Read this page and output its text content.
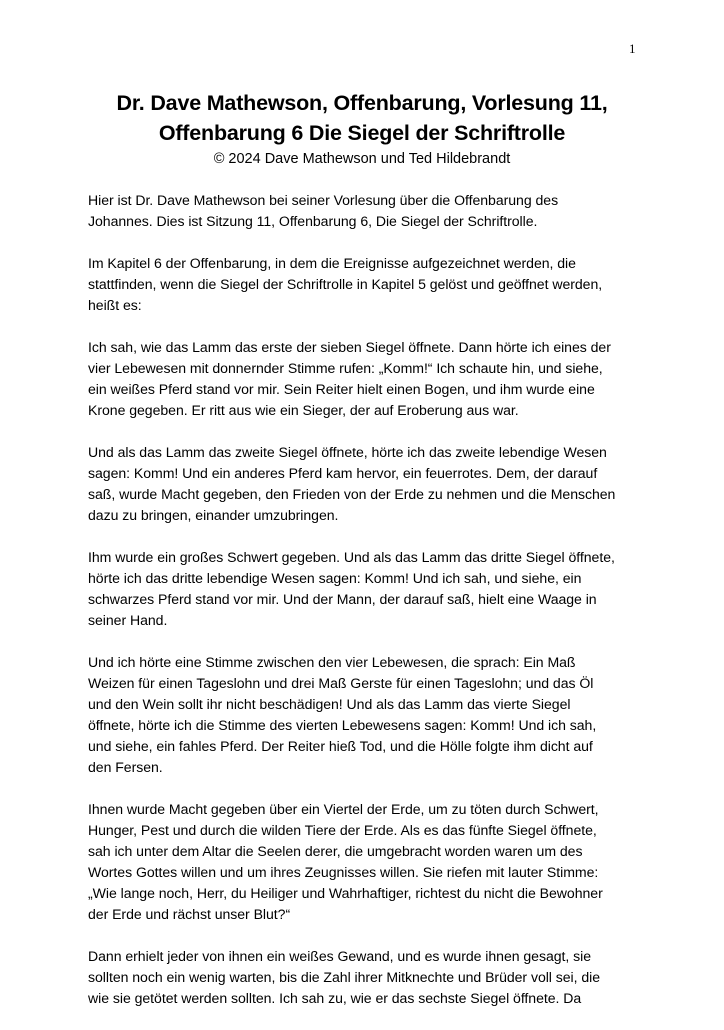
1
Dr. Dave Mathewson, Offenbarung, Vorlesung 11,
Offenbarung 6 Die Siegel der Schriftrolle
© 2024 Dave Mathewson und Ted Hildebrandt

Hier ist Dr. Dave Mathewson bei seiner Vorlesung über die Offenbarung des
Johannes. Dies ist Sitzung 11, Offenbarung 6, Die Siegel der Schriftrolle.

Im Kapitel 6 der Offenbarung, in dem die Ereignisse aufgezeichnet werden, die
stattfinden, wenn die Siegel der Schriftrolle in Kapitel 5 gelöst und geöffnet werden,
heißt es:

Ich sah, wie das Lamm das erste der sieben Siegel öffnete. Dann hörte ich eines der
vier Lebewesen mit donnernder Stimme rufen: „Komm!“ Ich schaute hin, und siehe,
ein weißes Pferd stand vor mir. Sein Reiter hielt einen Bogen, und ihm wurde eine
Krone gegeben. Er ritt aus wie ein Sieger, der auf Eroberung aus war.

Und als das Lamm das zweite Siegel öffnete, hörte ich das zweite lebendige Wesen
sagen: Komm! Und ein anderes Pferd kam hervor, ein feuerrotes. Dem, der darauf
saß, wurde Macht gegeben, den Frieden von der Erde zu nehmen und die Menschen
dazu zu bringen, einander umzubringen.

Ihm wurde ein großes Schwert gegeben. Und als das Lamm das dritte Siegel öffnete,
hörte ich das dritte lebendige Wesen sagen: Komm! Und ich sah, und siehe, ein
schwarzes Pferd stand vor mir. Und der Mann, der darauf saß, hielt eine Waage in
seiner Hand.

Und ich hörte eine Stimme zwischen den vier Lebewesen, die sprach: Ein Maß
Weizen für einen Tageslohn und drei Maß Gerste für einen Tageslohn; und das Öl
und den Wein sollt ihr nicht beschädigen! Und als das Lamm das vierte Siegel
öffnete, hörte ich die Stimme des vierten Lebewesens sagen: Komm! Und ich sah,
und siehe, ein fahles Pferd. Der Reiter hieß Tod, und die Hölle folgte ihm dicht auf
den Fersen.

Ihnen wurde Macht gegeben über ein Viertel der Erde, um zu töten durch Schwert,
Hunger, Pest und durch die wilden Tiere der Erde. Als es das fünfte Siegel öffnete,
sah ich unter dem Altar die Seelen derer, die umgebracht worden waren um des
Wortes Gottes willen und um ihres Zeugnisses willen. Sie riefen mit lauter Stimme:
„Wie lange noch, Herr, du Heiliger und Wahrhaftiger, richtest du nicht die Bewohner
der Erde und rächst unser Blut?“

Dann erhielt jeder von ihnen ein weißes Gewand, und es wurde ihnen gesagt, sie
sollten noch ein wenig warten, bis die Zahl ihrer Mitknechte und Brüder voll sei, die
wie sie getötet werden sollten. Ich sah zu, wie er das sechste Siegel öffnete. Da
